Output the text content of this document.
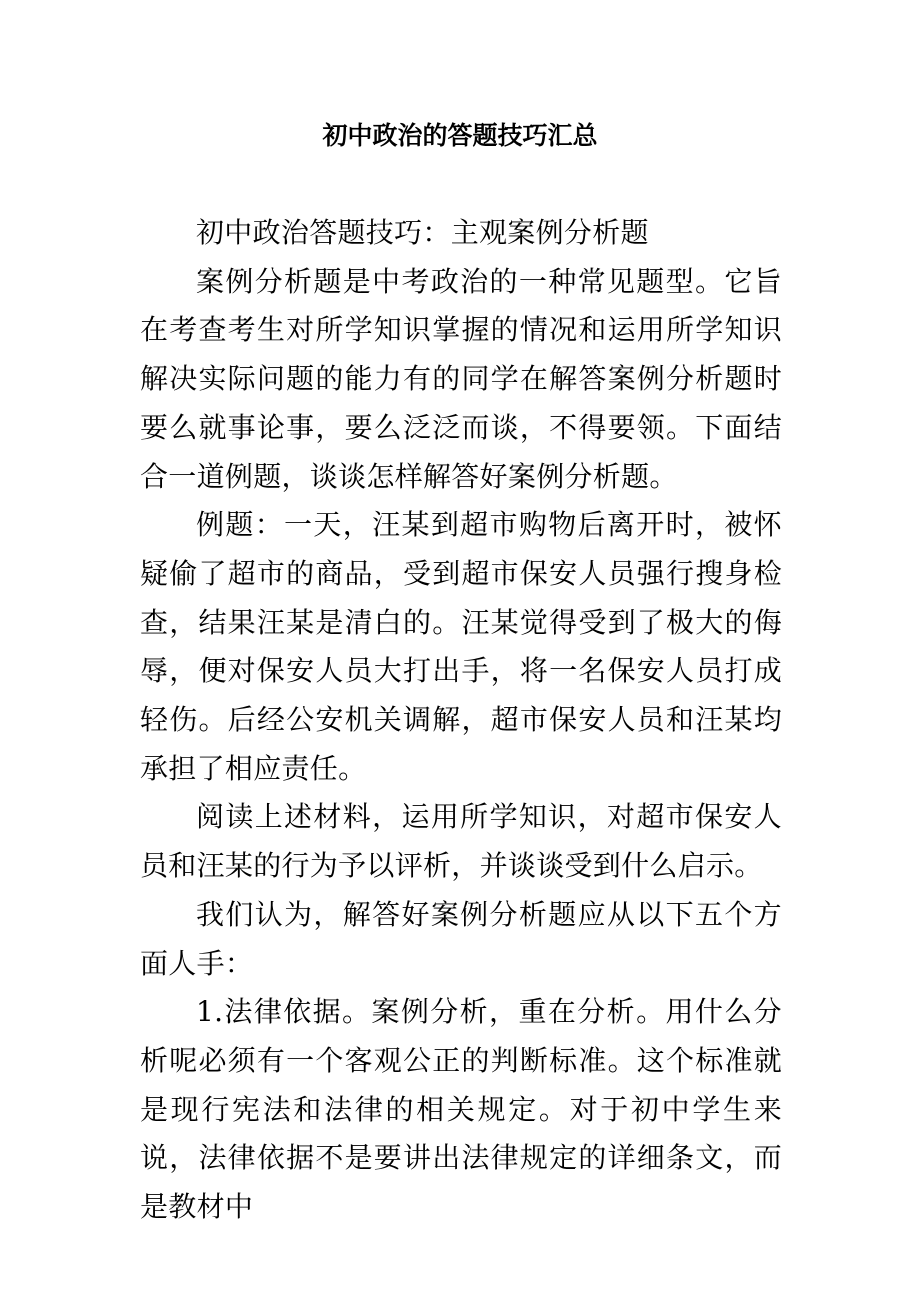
初中政治的答题技巧汇总

初中政治答题技巧：主观案例分析题

案例分析题是中考政治的一种常见题型。它旨在考查考生对所学知识掌握的情况和运用所学知识解决实际问题的能力有的同学在解答案例分析题时要么就事论事，要么泛泛而谈，不得要领。下面结合一道例题，谈谈怎样解答好案例分析题。

例题：一天，汪某到超市购物后离开时，被怀疑偷了超市的商品，受到超市保安人员强行搜身检查，结果汪某是清白的。汪某觉得受到了极大的侮辱，便对保安人员大打出手，将一名保安人员打成轻伤。后经公安机关调解，超市保安人员和汪某均承担了相应责任。

阅读上述材料，运用所学知识，对超市保安人员和汪某的行为予以评析，并谈谈受到什么启示。

我们认为，解答好案例分析题应从以下五个方面人手：

1.法律依据。案例分析，重在分析。用什么分析呢必须有一个客观公正的判断标准。这个标准就是现行宪法和法律的相关规定。对于初中学生来说，法律依据不是要讲出法律规定的详细条文，而是教材中
